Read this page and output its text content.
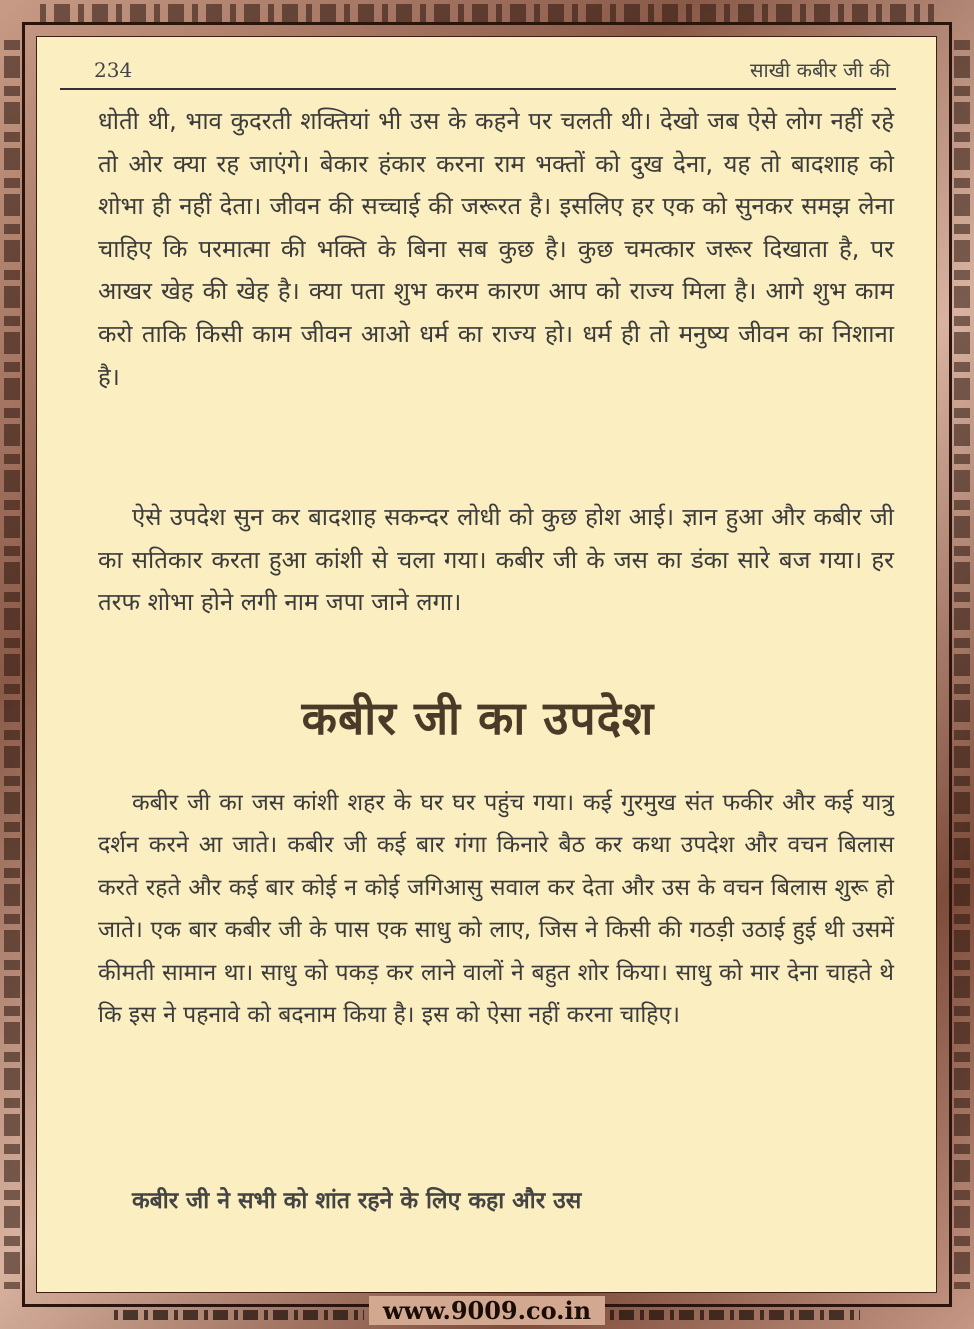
234	साखी कबीर जी की
धोती थी, भाव कुदरती शक्तियां भी उस के कहने पर चलती थी। देखो जब ऐसे लोग नहीं रहे तो ओर क्या रह जाएंगे। बेकार हंकार करना राम भक्तों को दुख देना, यह तो बादशाह को शोभा ही नहीं देता। जीवन की सच्चाई की जरूरत है। इसलिए हर एक को सुनकर समझ लेना चाहिए कि परमात्मा की भक्ति के बिना सब कुछ है। कुछ चमत्कार जरूर दिखाता है, पर आखर खेह की खेह है। क्या पता शुभ करम कारण आप को राज्य मिला है। आगे शुभ काम करो ताकि किसी काम जीवन आओ धर्म का राज्य हो। धर्म ही तो मनुष्य जीवन का निशाना है।
ऐसे उपदेश सुन कर बादशाह सकन्दर लोधी को कुछ होश आई। ज्ञान हुआ और कबीर जी का सतिकार करता हुआ कांशी से चला गया। कबीर जी के जस का डंका सारे बज गया। हर तरफ शोभा होने लगी नाम जपा जाने लगा।
कबीर जी का उपदेश
कबीर जी का जस कांशी शहर के घर घर पहुंच गया। कई गुरमुख संत फकीर और कई यात्रु दर्शन करने आ जाते। कबीर जी कई बार गंगा किनारे बैठ कर कथा उपदेश और वचन बिलास करते रहते और कई बार कोई न कोई जगिआसु सवाल कर देता और उस के वचन बिलास शुरू हो जाते। एक बार कबीर जी के पास एक साधु को लाए, जिस ने किसी की गठड़ी उठाई हुई थी उसमें कीमती सामान था। साधु को पकड़ कर लाने वालों ने बहुत शोर किया। साधु को मार देना चाहते थे कि इस ने पहनावे को बदनाम किया है। इस को ऐसा नहीं करना चाहिए।
कबीर जी ने सभी को शांत रहने के लिए कहा और उस
www.9009.co.in
